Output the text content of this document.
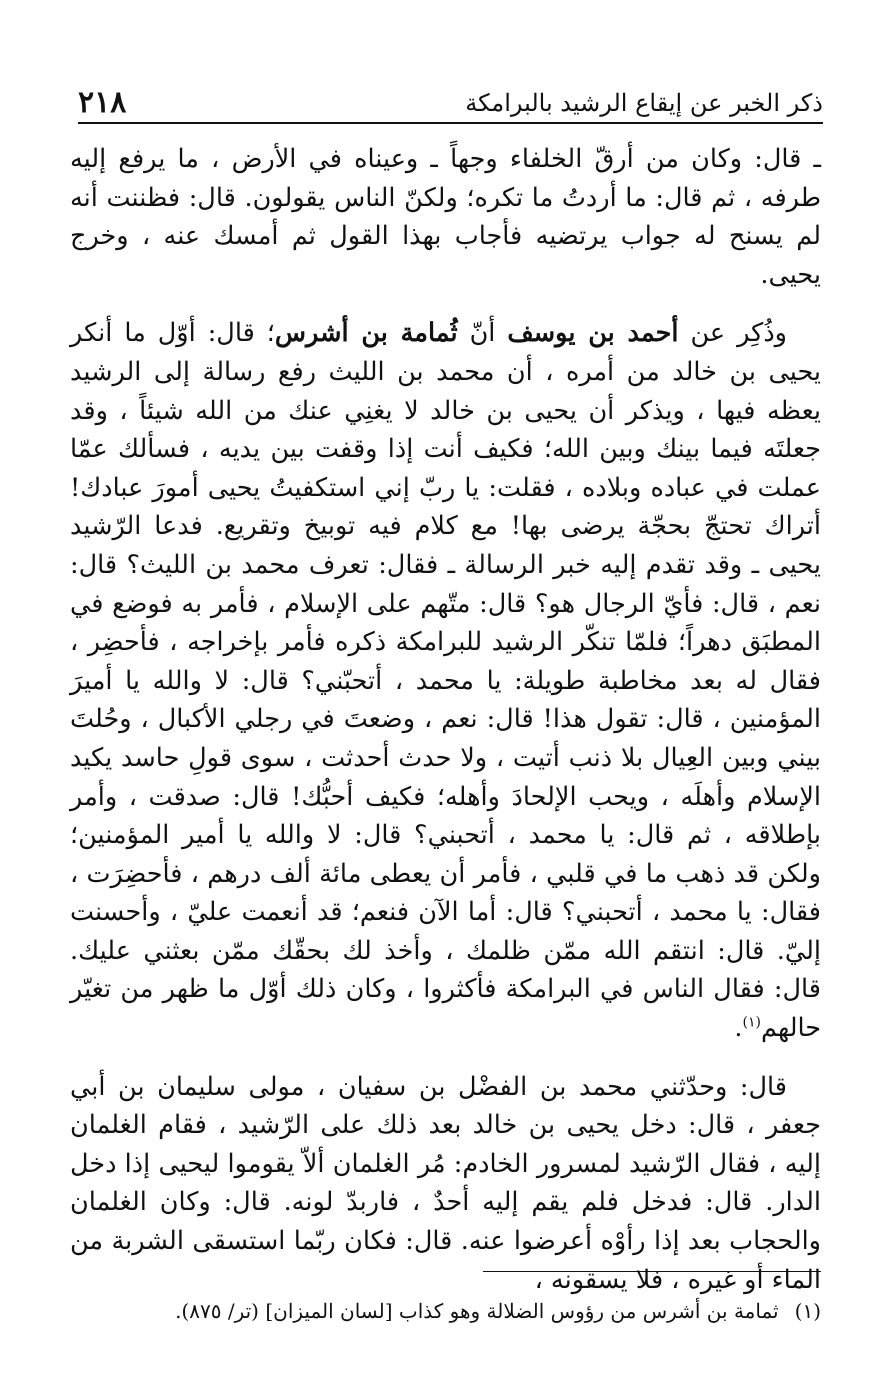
٢١٨	ذكر الخبر عن إيقاع الرشيد بالبرامكة

ـ قال: وكان من أرقّ الخلفاء وجهاً ـ وعيناه في الأرض ، ما يرفع إليه طرفه ، ثم قال: ما أردتُ ما تكره؛ ولكنّ الناس يقولون. قال: فظننت أنه لم يسنح له جواب يرتضيه فأجاب بهذا القول ثم أمسك عنه ، وخرج يحيى.

وذُكِر عن أحمد بن يوسف أنّ ثُمامة بن أشرس؛ قال: أوّل ما أنكر يحيى بن خالد من أمره ، أن محمد بن الليث رفع رسالة إلى الرشيد يعظه فيها ، ويذكر أن يحيى بن خالد لا يغنِي عنك من الله شيئاً ، وقد جعلتَه فيما بينك وبين الله؛ فكيف أنت إذا وقفت بين يديه ، فسألك عمّا عملت في عباده وبلاده ، فقلت: يا ربّ إني استكفيتُ يحيى أمورَ عبادك! أتراك تحتجّ بحجّة يرضى بها! مع كلام فيه توبيخ وتقريع. فدعا الرّشيد يحيى ـ وقد تقدم إليه خبر الرسالة ـ فقال: تعرف محمد بن الليث؟ قال: نعم ، قال: فأيّ الرجال هو؟ قال: متّهم على الإسلام ، فأمر به فوضع في المطبَق دهراً؛ فلمّا تنكّر الرشيد للبرامكة ذكره فأمر بإخراجه ، فأحضِر ، فقال له بعد مخاطبة طويلة: يا محمد ، أتحبّني؟ قال: لا والله يا أميرَ المؤمنين ، قال: تقول هذا! قال: نعم ، وضعتَ في رجلي الأكبال ، وحُلتَ بيني وبين العِيال بلا ذنب أتيت ، ولا حدث أحدثت ، سوى قولِ حاسد يكيد الإسلام وأهلَه ، ويحب الإلحادَ وأهله؛ فكيف أحبُّك! قال: صدقت ، وأمر بإطلاقه ، ثم قال: يا محمد ، أتحبني؟ قال: لا والله يا أمير المؤمنين؛ ولكن قد ذهب ما في قلبي ، فأمر أن يعطى مائة ألف درهم ، فأحضِرَت ، فقال: يا محمد ، أتحبني؟ قال: أما الآن فنعم؛ قد أنعمت عليّ ، وأحسنت إليّ. قال: انتقم الله ممّن ظلمك ، وأخذ لك بحقّك ممّن بعثني عليك. قال: فقال الناس في البرامكة فأكثروا ، وكان ذلك أوّل ما ظهر من تغيّر حالهم$^{(١)}$.

قال: وحدّثني محمد بن الفضْل بن سفيان ، مولى سليمان بن أبي جعفر ، قال: دخل يحيى بن خالد بعد ذلك على الرّشيد ، فقام الغلمان إليه ، فقال الرّشيد لمسرور الخادم: مُر الغلمان ألاّ يقوموا ليحيى إذا دخل الدار. قال: فدخل فلم يقم إليه أحدٌ ، فاربدّ لونه. قال: وكان الغلمان والحجاب بعد إذا رأوْه أعرضوا عنه. قال: فكان ربّما استسقى الشربة من الماء أو غيره ، فلا يسقونه ،

(١)ثمامة بن أشرس من رؤوس الضلالة وهو كذاب [لسان الميزان] (تر/ ٨٧٥).
